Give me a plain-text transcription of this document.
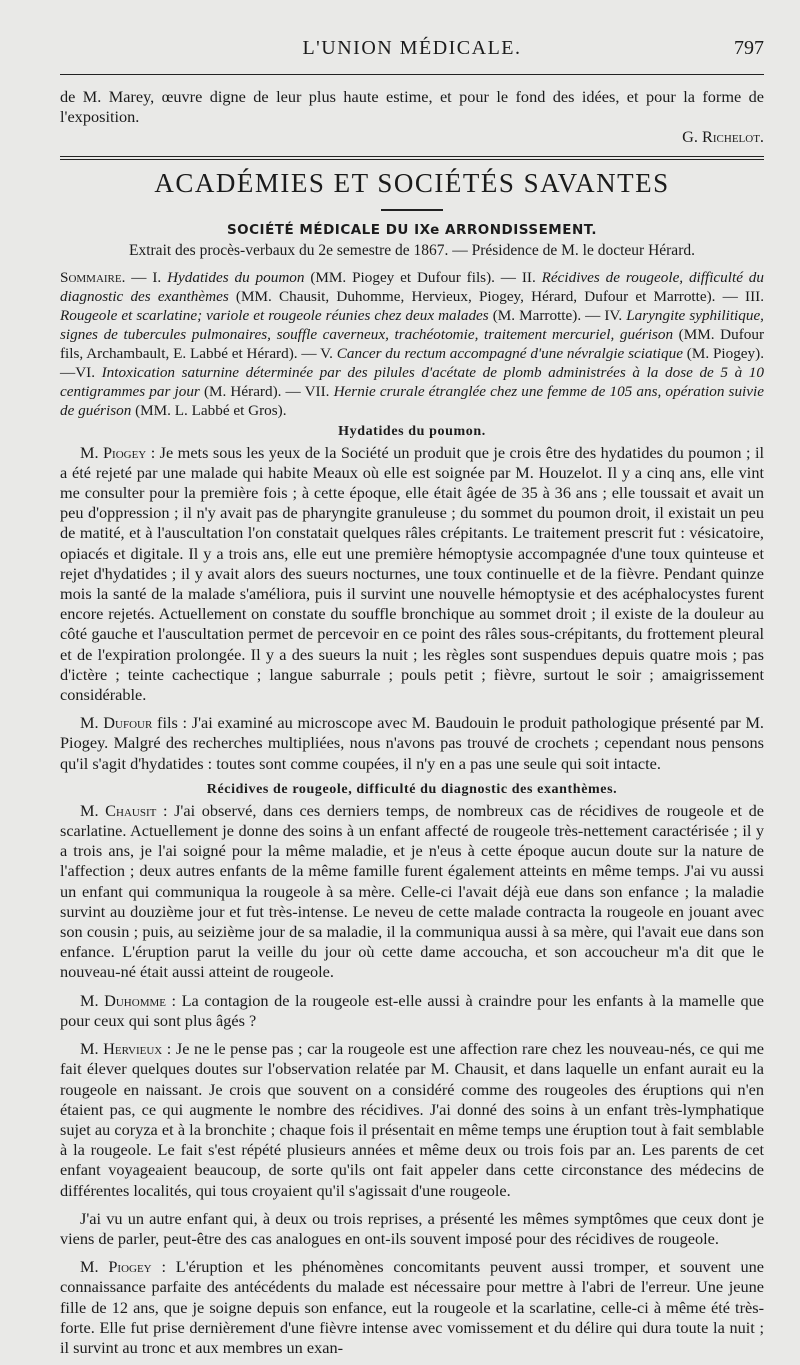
L'UNION MÉDICALE.	797

de M. Marey, œuvre digne de leur plus haute estime, et pour le fond des idées, et pour la forme de l'exposition.

G. Richelot.

ACADÉMIES ET SOCIÉTÉS SAVANTES
SOCIÉTÉ MÉDICALE DU IXe ARRONDISSEMENT.
Extrait des procès-verbaux du 2e semestre de 1867. — Présidence de M. le docteur Hérard.
Sommaire. — I. Hydatides du poumon (MM. Piogey et Dufour fils). — II. Récidives de rougeole, difficulté du diagnostic des exanthèmes (MM. Chausit, Duhomme, Hervieux, Piogey, Hérard, Dufour et Marrotte). — III. Rougeole et scarlatine; variole et rougeole réunies chez deux malades (M. Marrotte). — IV. Laryngite syphilitique, signes de tubercules pulmonaires, souffle caverneux, trachéotomie, traitement mercuriel, guérison (MM. Dufour fils, Archambault, E. Labbé et Hérard). — V. Cancer du rectum accompagné d'une névralgie sciatique (M. Piogey).—VI. Intoxication saturnine déterminée par des pilules d'acétate de plomb administrées à la dose de 5 à 10 centigrammes par jour (M. Hérard). — VII. Hernie crurale étranglée chez une femme de 105 ans, opération suivie de guérison (MM. L. Labbé et Gros).
Hydatides du poumon.

M. Piogey : Je mets sous les yeux de la Société un produit que je crois être des hydatides du poumon ; il a été rejeté par une malade qui habite Meaux où elle est soignée par M. Houzelot. Il y a cinq ans, elle vint me consulter pour la première fois ; à cette époque, elle était âgée de 35 à 36 ans ; elle toussait et avait un peu d'oppression ; il n'y avait pas de pharyngite granuleuse ; du sommet du poumon droit, il existait un peu de matité, et à l'auscultation l'on constatait quelques râles crépitants. Le traitement prescrit fut : vésicatoire, opiacés et digitale. Il y a trois ans, elle eut une première hémoptysie accompagnée d'une toux quinteuse et rejet d'hydatides ; il y avait alors des sueurs nocturnes, une toux continuelle et de la fièvre. Pendant quinze mois la santé de la malade s'améliora, puis il survint une nouvelle hémoptysie et des acéphalocystes furent encore rejetés. Actuellement on constate du souffle bronchique au sommet droit ; il existe de la douleur au côté gauche et l'auscultation permet de percevoir en ce point des râles sous-crépitants, du frottement pleural et de l'expiration prolongée. Il y a des sueurs la nuit ; les règles sont suspendues depuis quatre mois ; pas d'ictère ; teinte cachectique ; langue saburrale ; pouls petit ; fièvre, surtout le soir ; amaigrissement considérable.

M. Dufour fils : J'ai examiné au microscope avec M. Baudouin le produit pathologique présenté par M. Piogey. Malgré des recherches multipliées, nous n'avons pas trouvé de crochets ; cependant nous pensons qu'il s'agit d'hydatides : toutes sont comme coupées, il n'y en a pas une seule qui soit intacte.

Récidives de rougeole, difficulté du diagnostic des exanthèmes.

M. Chausit : J'ai observé, dans ces derniers temps, de nombreux cas de récidives de rougeole et de scarlatine. Actuellement je donne des soins à un enfant affecté de rougeole très-nettement caractérisée ; il y a trois ans, je l'ai soigné pour la même maladie, et je n'eus à cette époque aucun doute sur la nature de l'affection ; deux autres enfants de la même famille furent également atteints en même temps. J'ai vu aussi un enfant qui communiqua la rougeole à sa mère. Celle-ci l'avait déjà eue dans son enfance ; la maladie survint au douzième jour et fut très-intense. Le neveu de cette malade contracta la rougeole en jouant avec son cousin ; puis, au seizième jour de sa maladie, il la communiqua aussi à sa mère, qui l'avait eue dans son enfance. L'éruption parut la veille du jour où cette dame accoucha, et son accoucheur m'a dit que le nouveau-né était aussi atteint de rougeole.

M. Duhomme : La contagion de la rougeole est-elle aussi à craindre pour les enfants à la mamelle que pour ceux qui sont plus âgés ?

M. Hervieux : Je ne le pense pas ; car la rougeole est une affection rare chez les nouveau-nés, ce qui me fait élever quelques doutes sur l'observation relatée par M. Chausit, et dans laquelle un enfant aurait eu la rougeole en naissant. Je crois que souvent on a considéré comme des rougeoles des éruptions qui n'en étaient pas, ce qui augmente le nombre des récidives. J'ai donné des soins à un enfant très-lymphatique sujet au coryza et à la bronchite ; chaque fois il présentait en même temps une éruption tout à fait semblable à la rougeole. Le fait s'est répété plusieurs années et même deux ou trois fois par an. Les parents de cet enfant voyageaient beaucoup, de sorte qu'ils ont fait appeler dans cette circonstance des médecins de différentes localités, qui tous croyaient qu'il s'agissait d'une rougeole.

J'ai vu un autre enfant qui, à deux ou trois reprises, a présenté les mêmes symptômes que ceux dont je viens de parler, peut-être des cas analogues en ont-ils souvent imposé pour des récidives de rougeole.

M. Piogey : L'éruption et les phénomènes concomitants peuvent aussi tromper, et souvent une connaissance parfaite des antécédents du malade est nécessaire pour mettre à l'abri de l'erreur. Une jeune fille de 12 ans, que je soigne depuis son enfance, eut la rougeole et la scarlatine, celle-ci à même été très-forte. Elle fut prise dernièrement d'une fièvre intense avec vomissement et du délire qui dura toute la nuit ; il survint au tronc et aux membres un exan-
